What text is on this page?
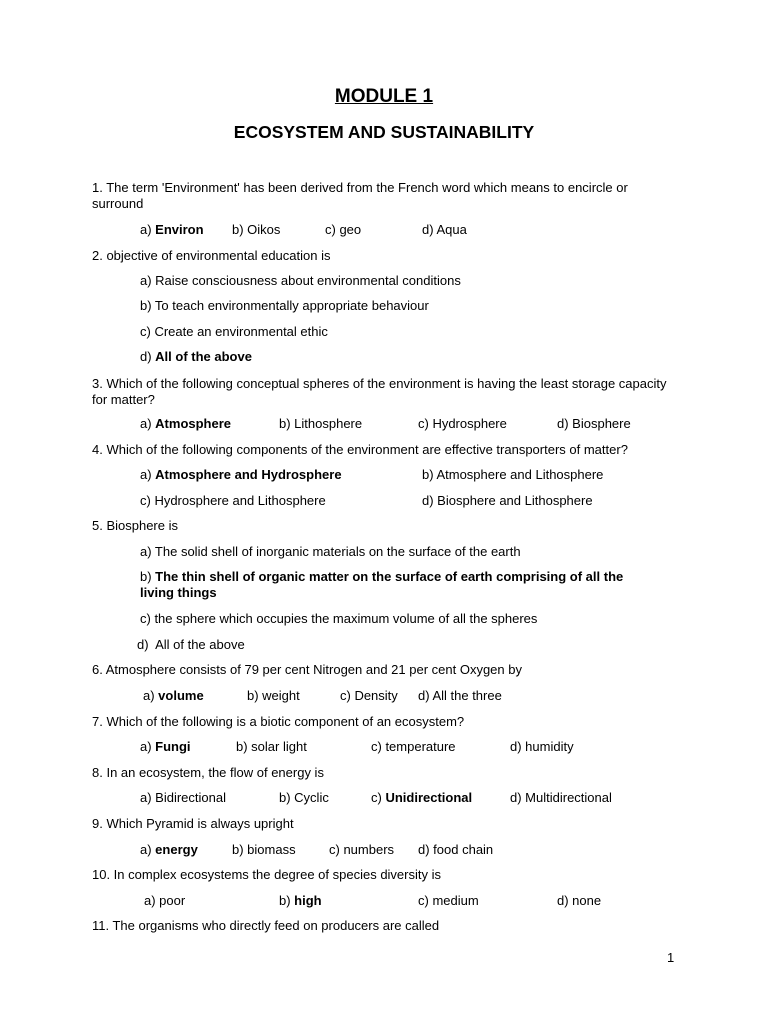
MODULE 1
ECOSYSTEM AND SUSTAINABILITY
1. The term 'Environment' has been derived from the French word which means to encircle or surround
a) Environ b) Oikos	c) geo	d) Aqua
2. objective of environmental education is
a) Raise consciousness about environmental conditions
b) To teach environmentally appropriate behaviour
c) Create an environmental ethic
d) All of the above
3. Which of the following conceptual spheres of the environment is having the least storage capacity for matter?
a) Atmosphere	b) Lithosphere	c) Hydrosphere	d) Biosphere
4. Which of the following components of the environment are effective transporters of matter?
a) Atmosphere and Hydrosphere	b) Atmosphere and Lithosphere
c) Hydrosphere and Lithosphere	d) Biosphere and Lithosphere
5. Biosphere is
a) The solid shell of inorganic materials on the surface of the earth
b) The thin shell of organic matter on the surface of earth comprising of all the living things
c) the sphere which occupies the maximum volume of all the spheres
d)  All of the above
6. Atmosphere consists of 79 per cent Nitrogen and 21 per cent Oxygen by
a) volume	b) weight	c) Density d) All the three
7. Which of the following is a biotic component of an ecosystem?
a) Fungi	b) solar light	c) temperature	d) humidity
8. In an ecosystem, the flow of energy is
a) Bidirectional	b) Cyclic	c) Unidirectional	d) Multidirectional
9. Which Pyramid is always upright
a) energy	b) biomass	c) numbers d) food chain
10. In complex ecosystems the degree of species diversity is
a) poor	b) high	c) medium	d) none
11. The organisms who directly feed on producers are called
1
